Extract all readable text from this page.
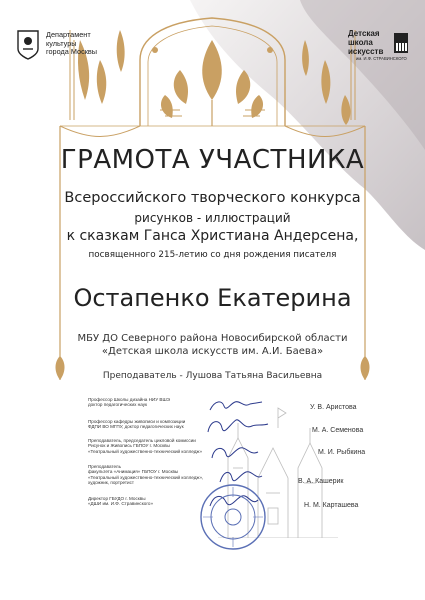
Департамент
культуры
города Москвы
Детская
школа
искусств
им. И.Ф. СТРАВИНСКОГО
ГРАМОТА УЧАСТНИКА
Всероссийского творческого конкурса
рисунков - иллюстраций
к сказкам Ганса Христиана Андерсена,
посвященного 215-летию со дня рождения писателя
Остапенко Екатерина
МБУ ДО Северного района Новосибирской области
«Детская школа искусств им. А.И. Баева»
Преподаватель - Лушова Татьяна Васильевна
Профессор Школы дизайна НИУ ВШЭ
доктор педагогических наук	У. В. Аристова
Профессор кафедры живописи и композиции
ФДПИ ВО МГПУ, доктор педагогических наук
М. А. Семенова
Преподаватель, председатель цикловой комиссии
Рисунок и Живопись ГБПОУ г. Москвы
«Театральный художественно-технический колледж»	М. И. Рыбкина
Преподаватель
факультета «Анимация» ГБПОУ г. Москвы
«Театральный художественно-технический колледж»,
художник, портретист	В. А. Кашерик
Директор ГБУДО г. Москвы
«ДШИ им. И.Ф. Стравинского»	Н. М. Карташева
